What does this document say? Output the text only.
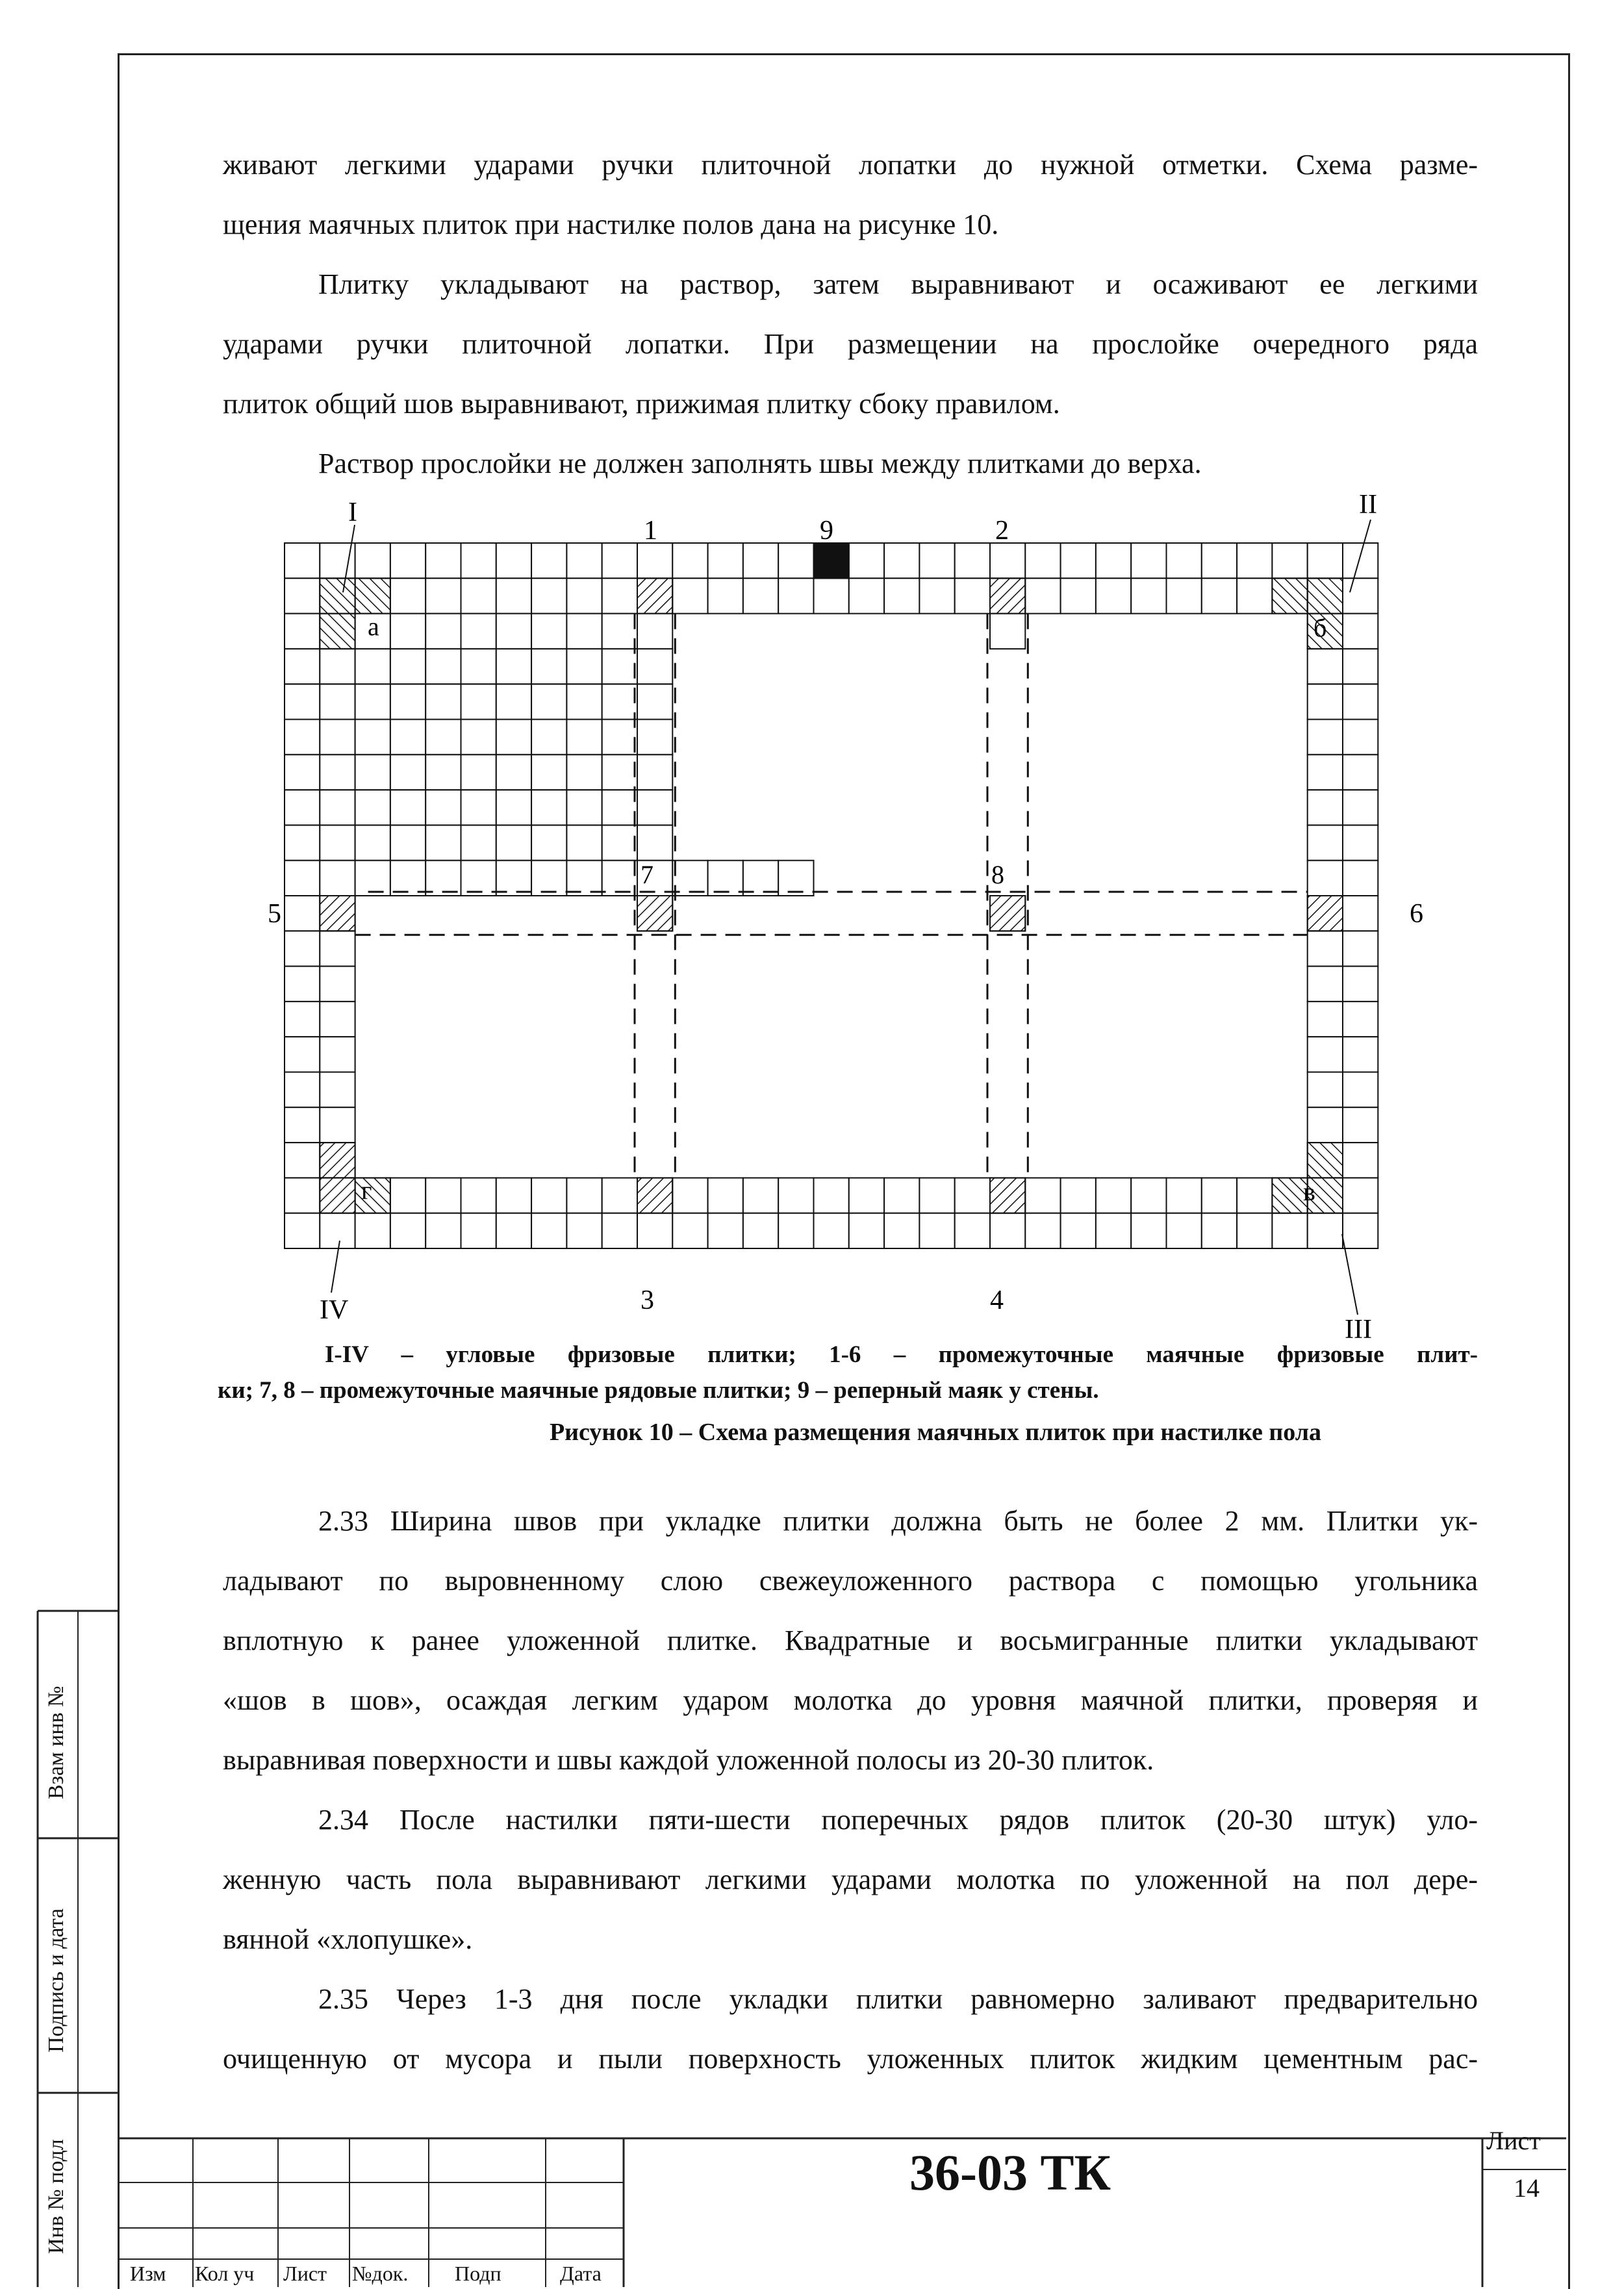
живают легкими ударами ручки плиточной лопатки до нужной отметки. Схема разме-
щения маячных плиток при настилке полов дана на рисунке 10.
Плитку укладывают на раствор, затем выравнивают и осаживают ее легкими
ударами ручки плиточной лопатки. При размещении на прослойке очередного ряда
плиток общий шов выравнивают, прижимая плитку сбоку правилом.
Раствор прослойки не должен заполнять швы между плитками до верха.
I	II
III
IV
1	2
9
3	4
5	6
7	8
а	б
в
г
I-IV – угловые фризовые плитки; 1-6 – промежуточные маячные фризовые плит-
ки; 7, 8 – промежуточные маячные рядовые плитки; 9 – реперный маяк у стены.
Рисунок 10 – Схема размещения маячных плиток при настилке пола
2.33 Ширина швов при укладке плитки должна быть не более 2 мм. Плитки ук-
ладывают по выровненному слою свежеуложенного раствора с помощью угольника
вплотную к ранее уложенной плитке. Квадратные и восьмигранные плитки укладывают
«шов в шов», осаждая легким ударом молотка до уровня маячной плитки, проверяя и
выравнивая поверхности и швы каждой уложенной полосы из 20-30 плиток.
2.34 После настилки пяти-шести поперечных рядов плиток (20-30 штук) уло-
женную часть пола выравнивают легкими ударами молотка по уложенной на пол дере-
вянной «хлопушке».
2.35 Через 1-3 дня после укладки плитки равномерно заливают предварительно
очищенную от мусора и пыли поверхность уложенных плиток жидким цементным рас-
Взам инв №
Подпись и дата
Инв № подл
Изм Кол уч Лист №док. Подп	Дата
36-03 ТК
Лист
14
